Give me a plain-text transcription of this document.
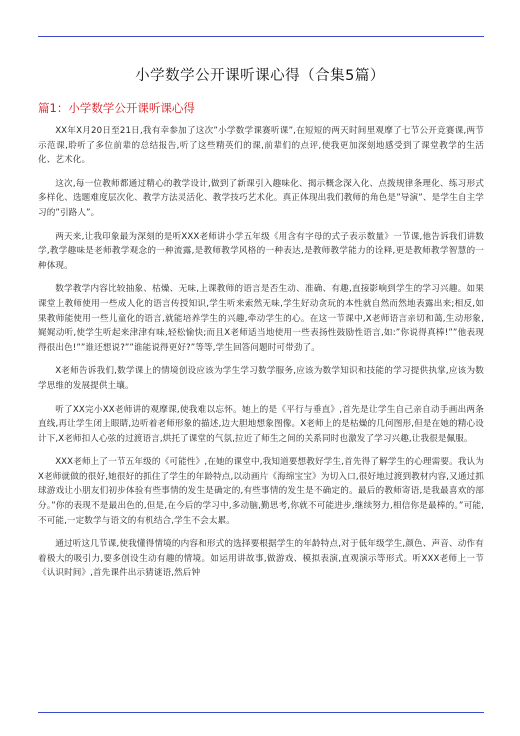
小学数学公开课听课心得（合集5篇）
篇1：小学数学公开课听课心得

XX年X月20日至21日,我有幸参加了这次”小学数学课赛听课”,在短短的两天时间里观摩了七节公开竞赛课,两节示范课,聆听了多位前辈的总结报告,听了这些精英们的课,前辈们的点评,使我更加深刻地感受到了课堂教学的生活化、艺术化。

这次,每一位教师都通过精心的教学设计,做到了新课引入趣味化、揭示概念深入化、点拨规律条理化、练习形式多样化、选题难度层次化、教学方法灵活化、教学技巧艺术化。真正体现出我们教师的角色是”导演”、是学生自主学习的”引路人”。

两天来,让我印象最为深刻的是听XXX老师讲小学五年级《用含有字母的式子表示数量》一节课,他告诉我们讲数学,教学趣味是老师教学观念的一种流露,是教师教学风格的一种表达,是教师教学能力的诠释,更是教师教学智慧的一种体现。

数学教学内容比较抽象、枯燥、无味,上课教师的语言是否生动、准确、有趣,直接影响到学生的学习兴趣。如果课堂上教师使用一些成人化的语言传授知识,学生听来索然无味,学生好动贪玩的本性就自然而然地表露出来;相反,如果教师能使用一些儿童化的语言,就能培养学生的兴趣,牵动学生的心。在这一节课中,X老师语言亲切和蔼,生动形象,娓娓动听,使学生听起来津津有味,轻松愉快;而且X老师适当地使用一些表扬性鼓励性语言,如:”你说得真棒!””他表现得很出色!””谁还想说?””谁能说得更好?”等等,学生回答问题时可带劲了。

X老师告诉我们,数学课上的情境创设应该为学生学习数学服务,应该为数学知识和技能的学习提供执掌,应该为数学思维的发展提供土壤。

听了XX完小XX老师讲的观摩课,使我难以忘怀。她上的是《平行与垂直》,首先是让学生自己亲自动手画出两条直线,再让学生闭上眼睛,边听着老师形象的描述,边大胆地想象图像。X老师上的是枯燥的几何图形,但是在她的精心设计下,X老师扣人心弦的过渡语言,烘托了课堂的气氛,拉近了师生之间的关系同时也激发了学习兴趣,让我很是佩服。

XXX老师上了一节五年级的《可能性》,在她的课堂中,我知道要想教好学生,首先得了解学生的心理需要。我认为X老师就做的很好,她很好的抓住了学生的年龄特点,以动画片《海绵宝宝》为切入口,很好地过渡到教材内容,又通过抓球游戏让小朋友们初步体验有些事情的发生是确定的,有些事情的发生是不确定的。最后的教师寄语,是我最喜欢的部分。”你的表现不是最出色的,但是,在今后的学习中,多动脑,勤思考,你就不可能进步,继续努力,相信你是最棒的。”可能,不可能,一定数学与语文的有机结合,学生不会太累。

通过听这几节课,使我懂得情境的内容和形式的选择要根据学生的年龄特点,对于低年级学生,颜色、声音、动作有着极大的吸引力,要多创设生动有趣的情境。如运用讲故事,做游戏、模拟表演,直观演示等形式。听XXX老师上一节《认识时间》,首先课件出示猜谜语,然后钟
